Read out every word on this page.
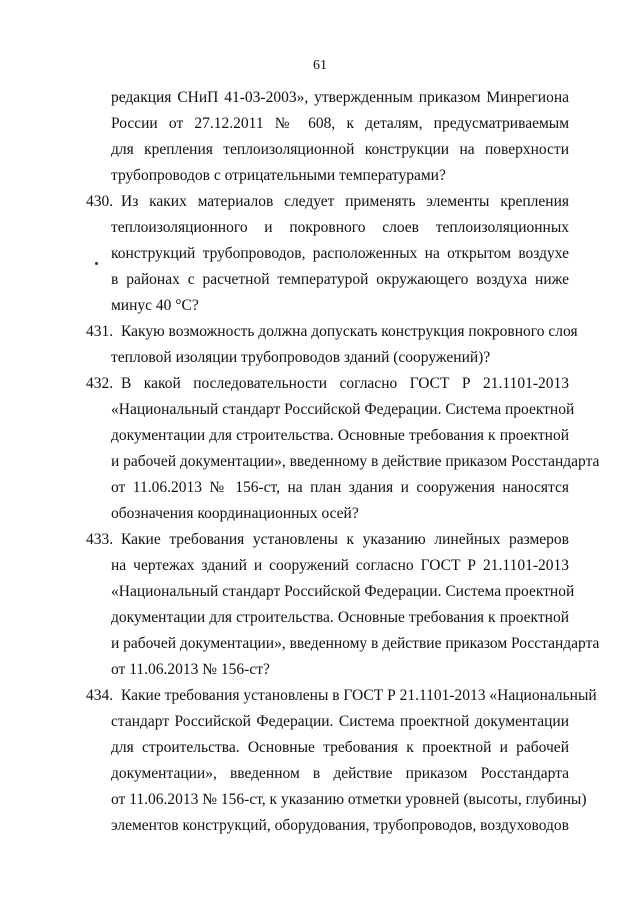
61
редакция СНиП 41-03-2003», утвержденным приказом Минрегиона
России от 27.12.2011 № 608, к деталям, предусматриваемым
для крепления теплоизоляционной конструкции на поверхности
трубопроводов с отрицательными температурами?
430. Из каких материалов следует применять элементы крепления
теплоизоляционного и покровного слоев теплоизоляционных
конструкций трубопроводов, расположенных на открытом воздухе
в районах с расчетной температурой окружающего воздуха ниже
минус 40 °С?
431. Какую возможность должна допускать конструкция покровного слоя
тепловой изоляции трубопроводов зданий (сооружений)?
432. В какой последовательности согласно ГОСТ Р 21.1101-2013
«Национальный стандарт Российской Федерации. Система проектной
документации для строительства. Основные требования к проектной
и рабочей документации», введенному в действие приказом Росстандарта
от 11.06.2013 № 156-ст, на план здания и сооружения наносятся
обозначения координационных осей?
433. Какие требования установлены к указанию линейных размеров
на чертежах зданий и сооружений согласно ГОСТ Р 21.1101-2013
«Национальный стандарт Российской Федерации. Система проектной
документации для строительства. Основные требования к проектной
и рабочей документации», введенному в действие приказом Росстандарта
от 11.06.2013 № 156-ст?
434. Какие требования установлены в ГОСТ Р 21.1101-2013 «Национальный
стандарт Российской Федерации. Система проектной документации
для строительства. Основные требования к проектной и рабочей
документации», введенном в действие приказом Росстандарта
от 11.06.2013 № 156-ст, к указанию отметки уровней (высоты, глубины)
элементов конструкций, оборудования, трубопроводов, воздуховодов
